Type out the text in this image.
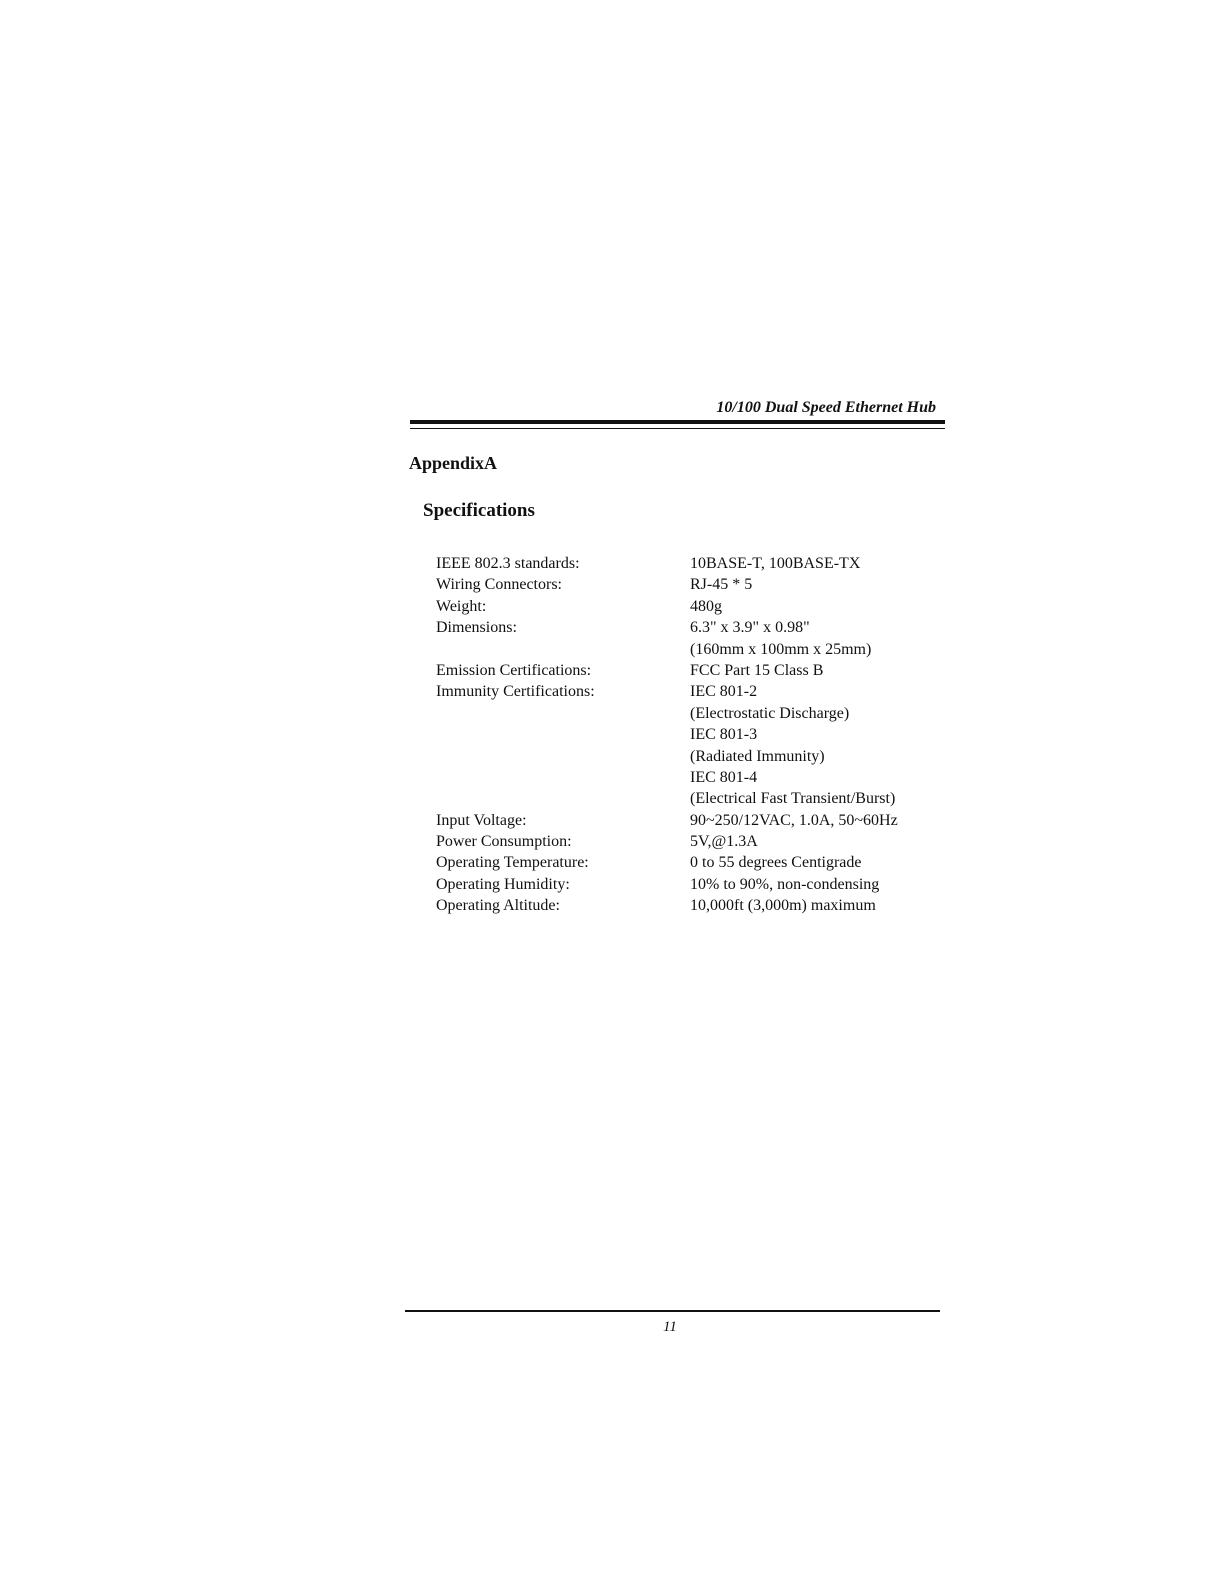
10/100 Dual Speed Ethernet Hub
AppendixA
Specifications
IEEE 802.3 standards:
Wiring Connectors:
Weight:
Dimensions:
Emission Certifications:
Immunity Certifications:
Input Voltage:
Power Consumption:
Operating Temperature:
Operating Humidity:
Operating Altitude:
10BASE-T, 100BASE-TX
RJ-45 * 5
480g
6.3" x 3.9" x 0.98"
(160mm x 100mm x 25mm)
FCC Part 15 Class B
IEC 801-2
(Electrostatic Discharge)
IEC 801-3
(Radiated Immunity)
IEC 801-4
(Electrical Fast Transient/Burst)
90~250/12VAC, 1.0A, 50~60Hz
5V,@1.3A
0 to 55 degrees Centigrade
10% to 90%, non-condensing
10,000ft (3,000m) maximum
11
